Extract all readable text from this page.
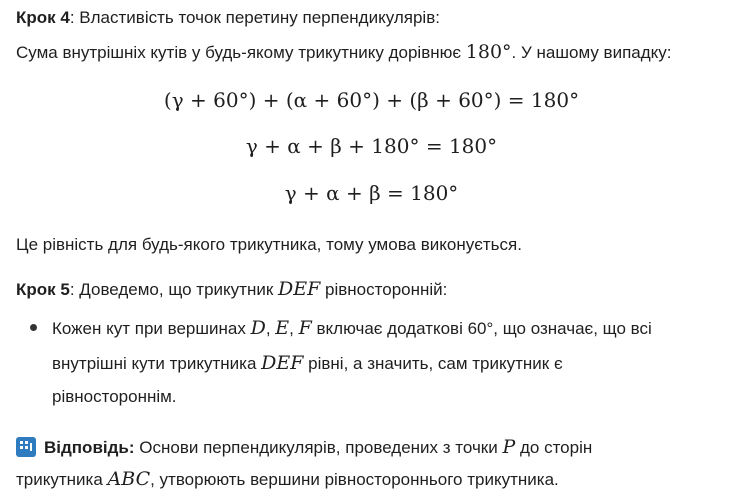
Крок 4: Властивість точок перетину перпендикулярів:
Сума внутрішніх кутів у будь-якому трикутнику дорівнює 180°. У нашому випадку:
(γ + 60°) + (α + 60°) + (β + 60°) = 180°
γ + α + β + 180° = 180°
γ + α + β = 180°
Це рівність для будь-якого трикутника, тому умова виконується.
Крок 5: Доведемо, що трикутник DEF рівносторонній:
Кожен кут при вершинах D, E, F включає додаткові 60°, що означає, що всі
внутрішні кути трикутника DEF рівні, а значить, сам трикутник є
рівностороннім.
Відповідь: Основи перпендикулярів, проведених з точки P до сторін
трикутника ABC, утворюють вершини рівностороннього трикутника.
